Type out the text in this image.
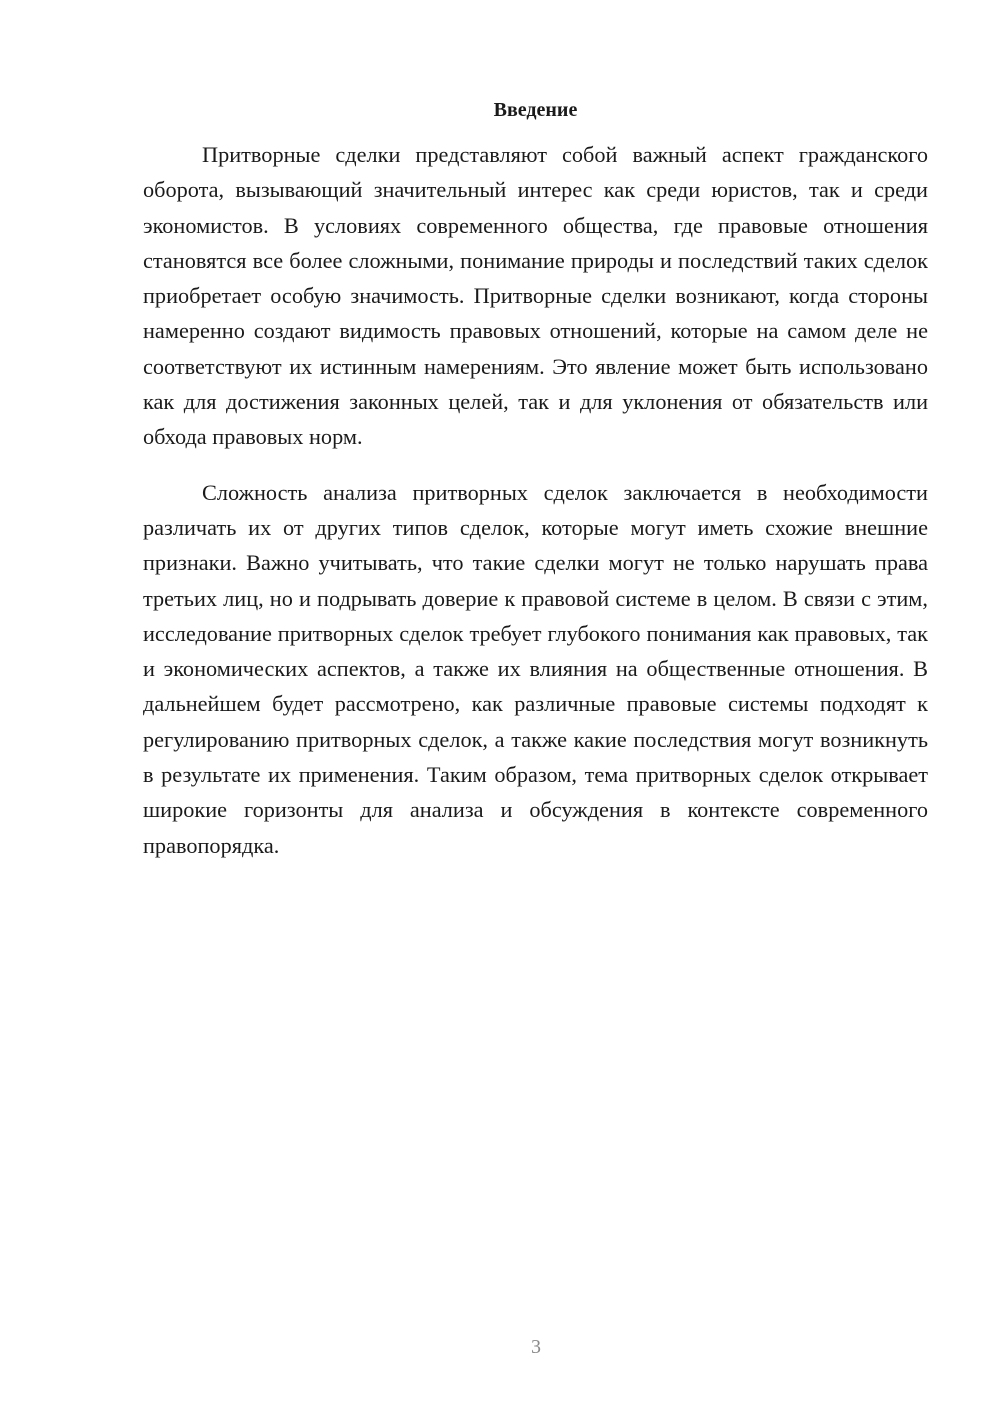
Введение

Притворные сделки представляют собой важный аспект гражданского оборота, вызывающий значительный интерес как среди юристов, так и среди экономистов. В условиях современного общества, где правовые отношения становятся все более сложными, понимание природы и последствий таких сделок приобретает особую значимость. Притворные сделки возникают, когда стороны намеренно создают видимость правовых отношений, которые на самом деле не соответствуют их истинным намерениям. Это явление может быть использовано как для достижения законных целей, так и для уклонения от обязательств или обхода правовых норм.

Сложность анализа притворных сделок заключается в необходимости различать их от других типов сделок, которые могут иметь схожие внешние признаки. Важно учитывать, что такие сделки могут не только нарушать права третьих лиц, но и подрывать доверие к правовой системе в целом. В связи с этим, исследование притворных сделок требует глубокого понимания как правовых, так и экономических аспектов, а также их влияния на общественные отношения. В дальнейшем будет рассмотрено, как различные правовые системы подходят к регулированию притворных сделок, а также какие последствия могут возникнуть в результате их применения. Таким образом, тема притворных сделок открывает широкие горизонты для анализа и обсуждения в контексте современного правопорядка.

3
